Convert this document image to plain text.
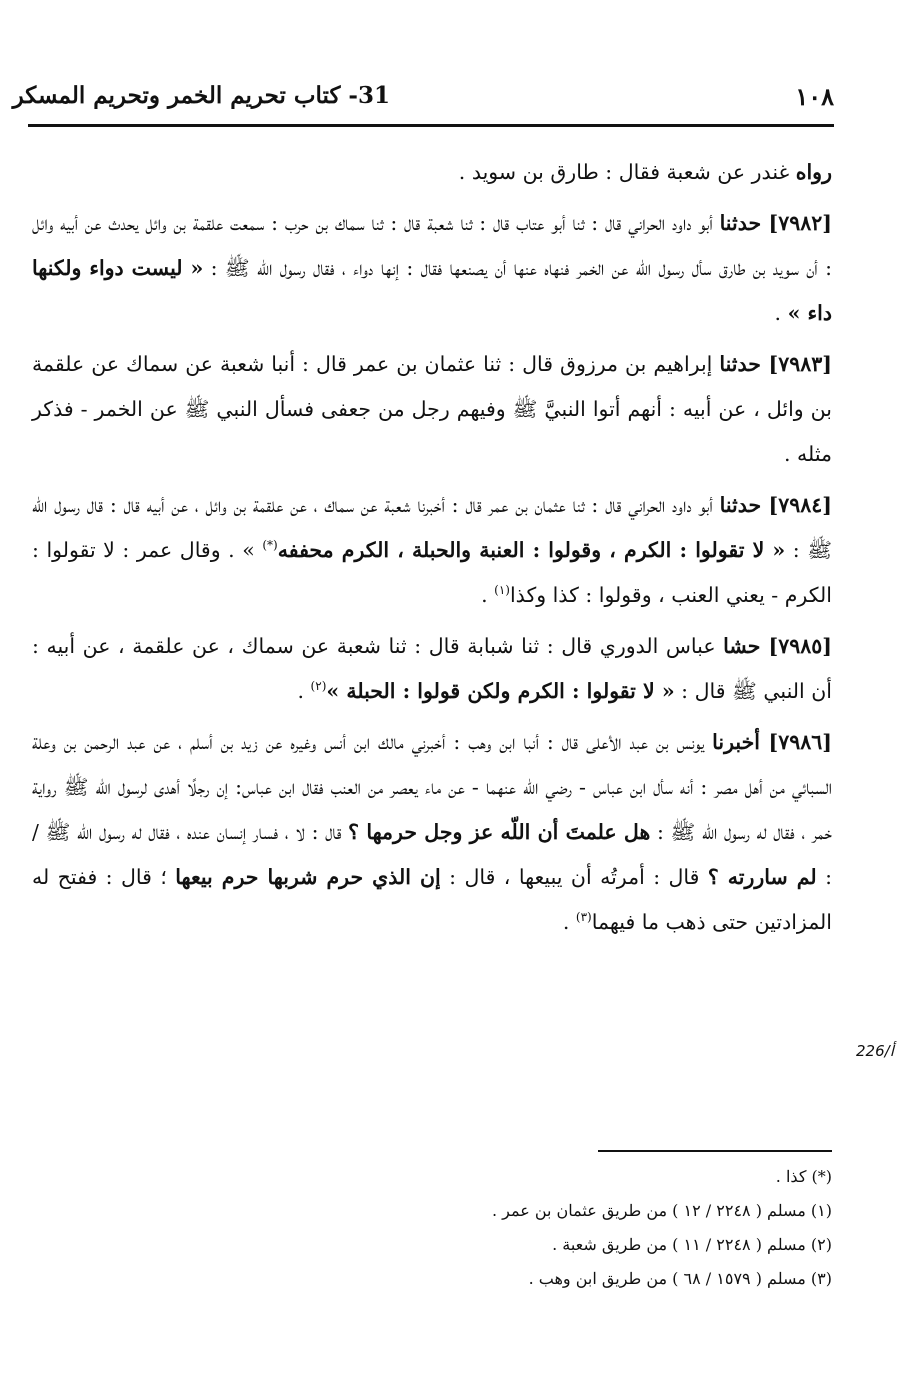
31- كتاب تحريم الخمر وتحريم المسكر	١٠٨

رواه غندر عن شعبة فقال : طارق بن سويد .

[٧٩٨٢] حدثنا أبو داود الحراني قال : ثنا أبو عتاب قال : ثنا شعبة قال : ثنا سماك بن حرب : سمعت علقمة بن وائل يحدث عن أبيه وائل : أن سويد بن طارق سأل رسول اللّه عن الخمر فنهاه عنها أن يصنعها فقال : إنها دواء ، فقال رسول اللّه ﷺ : « ليست دواء ولكنها داء » .

[٧٩٨٣] حدثنا إبراهيم بن مرزوق قال : ثنا عثمان بن عمر قال : أنبا شعبة عن سماك عن علقمة بن وائل ، عن أبيه : أنهم أتوا النبيَّ ﷺ وفيهم رجل من جعفى فسأل النبي ﷺ عن الخمر - فذكر مثله .

[٧٩٨٤] حدثنا أبو داود الحراني قال : ثنا عثمان بن عمر قال : أخبرنا شعبة عن سماك ، عن علقمة بن وائل ، عن أبيه قال : قال رسول اللّه ﷺ : « لا تقولوا : الكرم ، وقولوا : العنبة والحبلة ، الكرم محففه(*) » . وقال عمر : لا تقولوا : الكرم - يعني العنب ، وقولوا : كذا وكذا$^{(١)}$ .

[٧٩٨٥] حشا عباس الدوري قال : ثنا شبابة قال : ثنا شعبة عن سماك ، عن علقمة ، عن أبيه : أن النبي ﷺ قال : « لا تقولوا : الكرم ولكن قولوا : الحبلة »$^{(٢)}$ .

[٧٩٨٦] أخبرنا يونس بن عبد الأعلى قال : أنبا ابن وهب : أخبرني مالك ابن أنس وغيره عن زيد بن أسلم ، عن عبد الرحمن بن وعلة السبائي من أهل مصر : أنه سأل ابن عباس - رضي اللّه عنهما - عن ماء يعصر من العنب فقال ابن عباس: إن رجلًا أهدى لرسول اللّه ﷺ رواية خمر ، فقال له رسول اللّه ﷺ : هل علمتَ أن اللّه عز وجل حرمها ؟ قال : لا ، فسار إنسان عنده ، فقال له رسول اللّه ﷺ / : لم ساررته ؟ قال : أمرتُه أن يبيعها ، قال : إن الذي حرم شربها حرم بيعها ؛ قال : ففتح له المزادتين حتى ذهب ما فيهما$^{(٣)}$ .

أ/226
(*) كذا .
(١) مسلم ( ٢٢٤٨ / ١٢ ) من طريق عثمان بن عمر .
(٢) مسلم ( ٢٢٤٨ / ١١ ) من طريق شعبة .
(٣) مسلم ( ١٥٧٩ / ٦٨ ) من طريق ابن وهب .
